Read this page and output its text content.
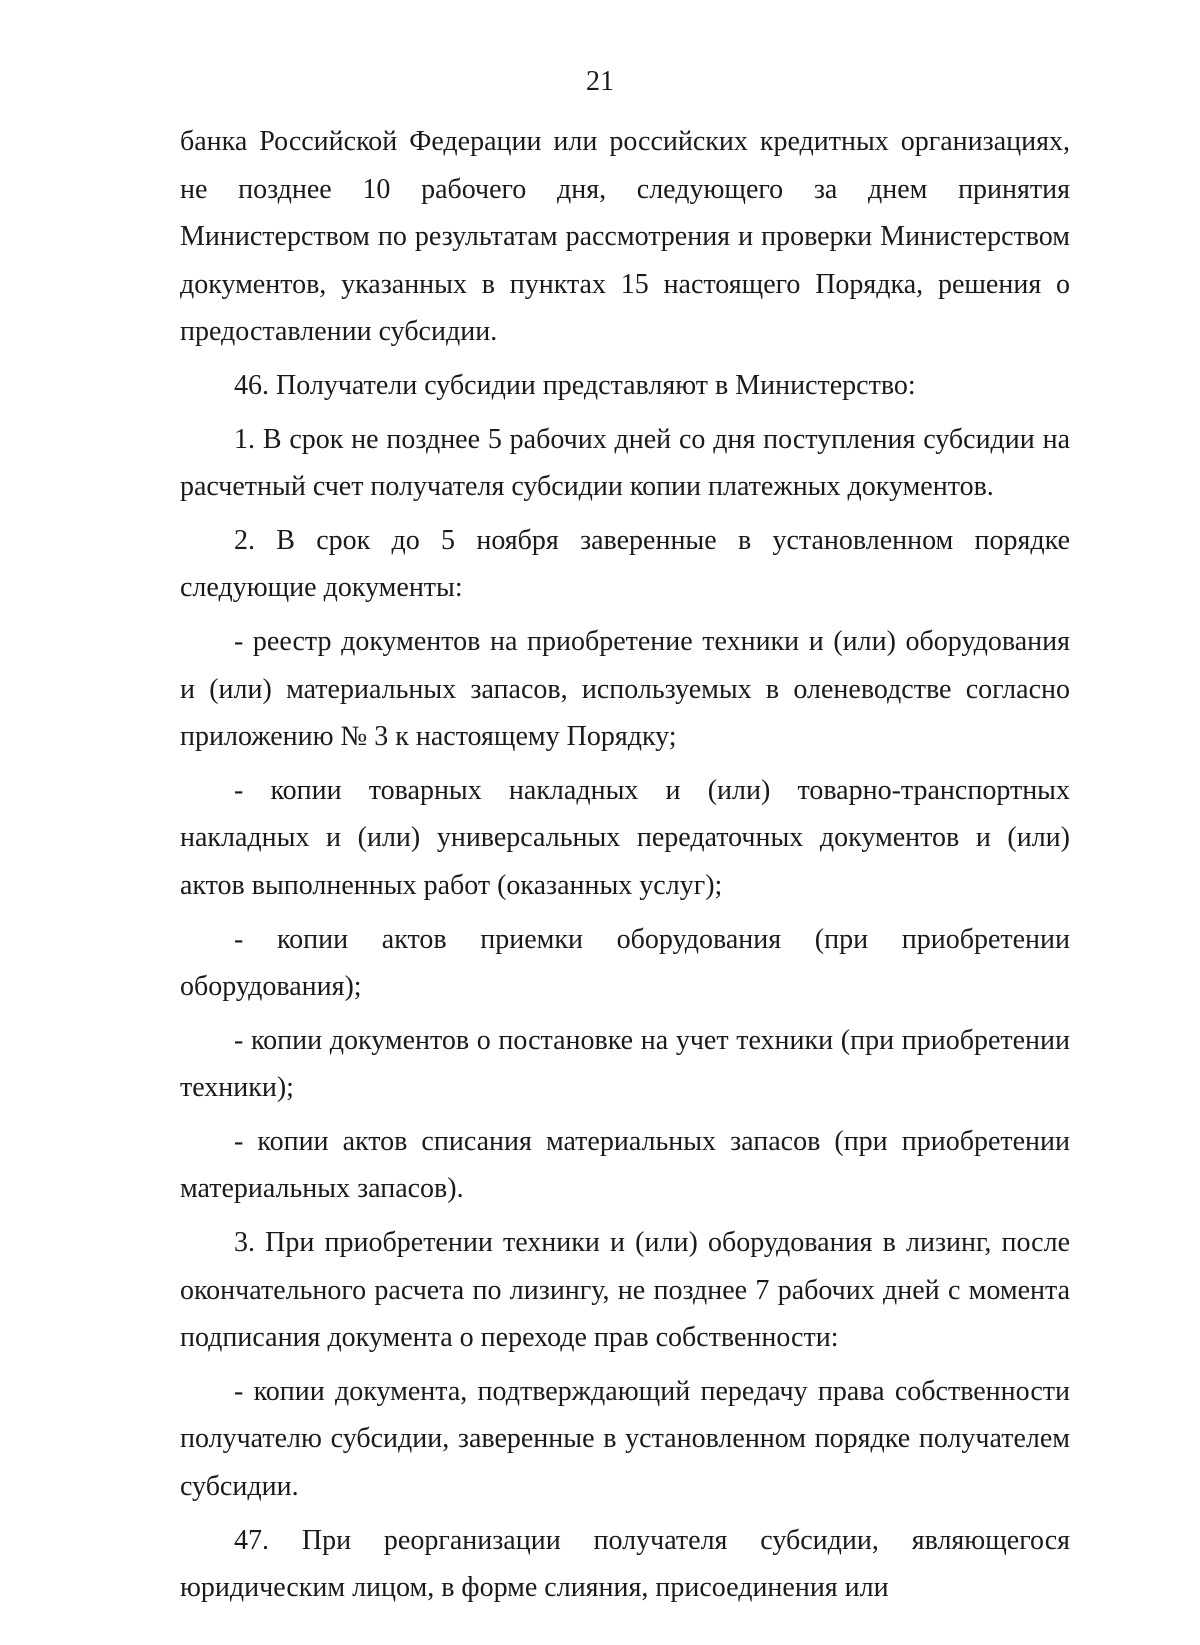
21

банка Российской Федерации или российских кредитных организациях, не позднее 10 рабочего дня, следующего за днем принятия Министерством по результатам рассмотрения и проверки Министерством документов, указанных в пунктах 15 настоящего Порядка, решения о предоставлении субсидии.

46. Получатели субсидии представляют в Министерство:

1. В срок не позднее 5 рабочих дней со дня поступления субсидии на расчетный счет получателя субсидии копии платежных документов.

2. В срок до 5 ноября заверенные в установленном порядке следующие документы:

- реестр документов на приобретение техники и (или) оборудования и (или) материальных запасов, используемых в оленеводстве согласно приложению № 3 к настоящему Порядку;

- копии товарных накладных и (или) товарно-транспортных накладных и (или) универсальных передаточных документов и (или) актов выполненных работ (оказанных услуг);

- копии актов приемки оборудования (при приобретении оборудования);

- копии документов о постановке на учет техники (при приобретении техники);

- копии актов списания материальных запасов (при приобретении материальных запасов).

3. При приобретении техники и (или) оборудования в лизинг, после окончательного расчета по лизингу, не позднее 7 рабочих дней с момента подписания документа о переходе прав собственности:

- копии документа, подтверждающий передачу права собственности получателю субсидии, заверенные в установленном порядке получателем субсидии.

47. При реорганизации получателя субсидии, являющегося юридическим лицом, в форме слияния, присоединения или
